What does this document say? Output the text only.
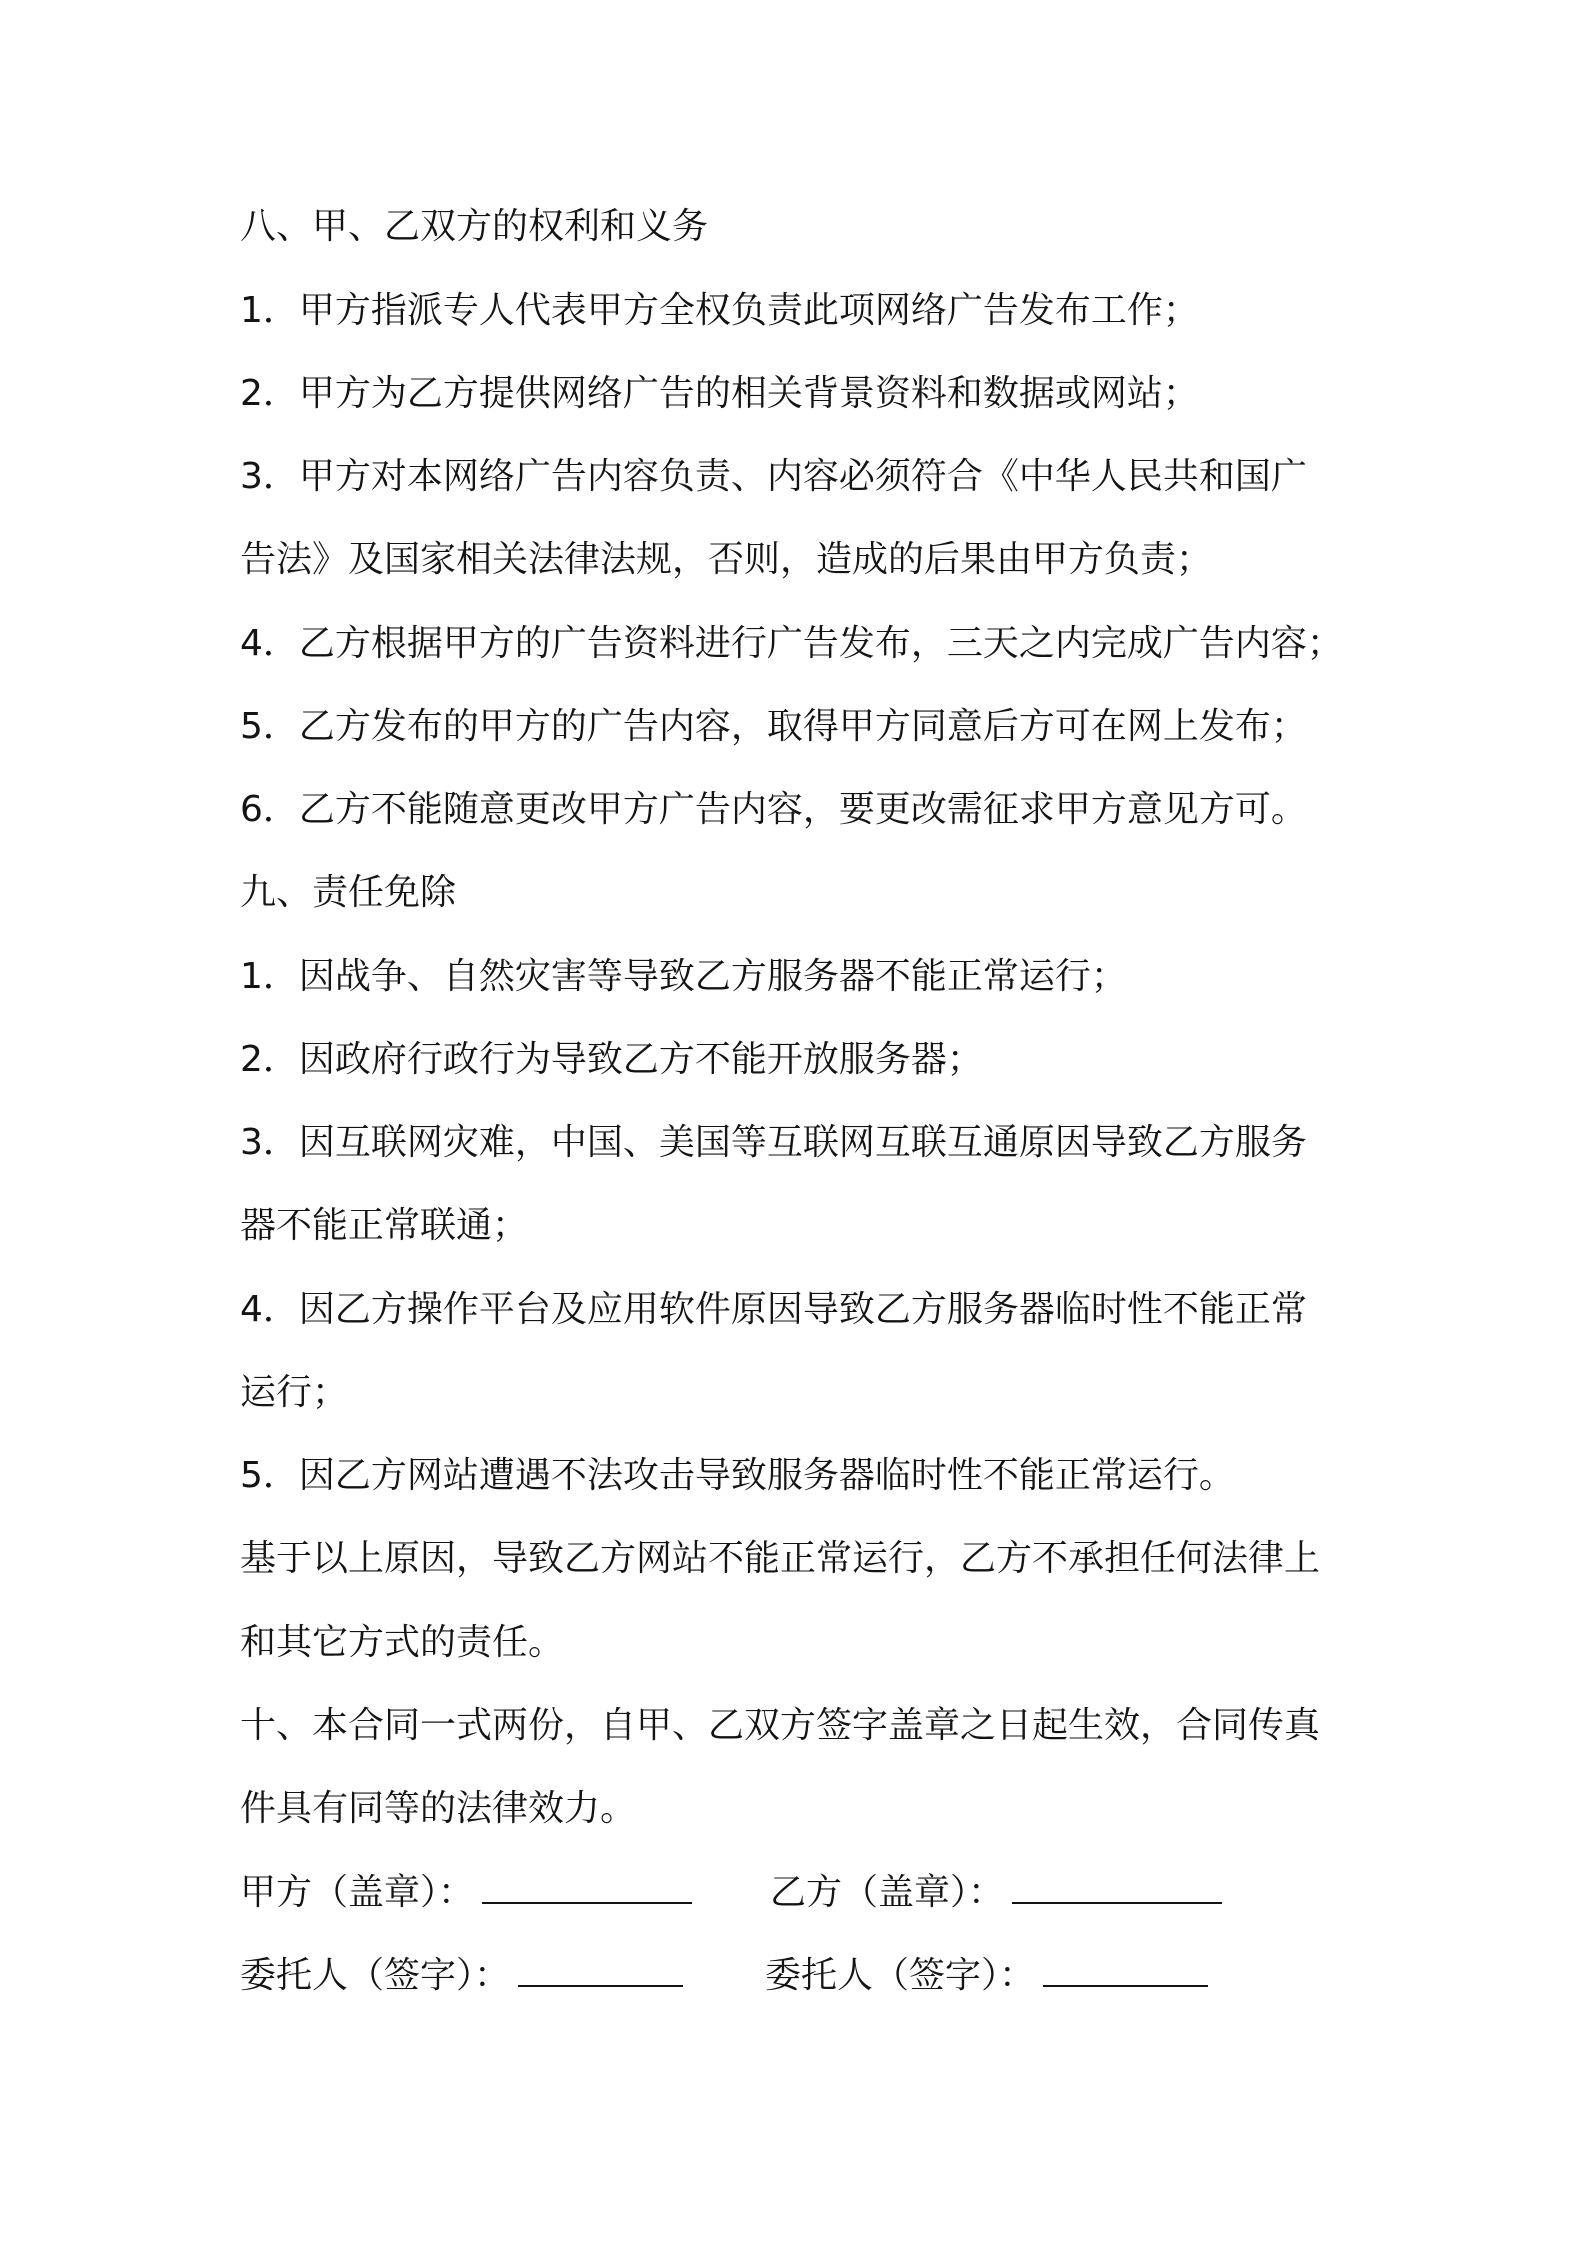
八、甲、乙双方的权利和义务
1．甲方指派专人代表甲方全权负责此项网络广告发布工作；
2．甲方为乙方提供网络广告的相关背景资料和数据或网站；
3．甲方对本网络广告内容负责、内容必须符合《中华人民共和国广
告法》及国家相关法律法规，否则，造成的后果由甲方负责；
4．乙方根据甲方的广告资料进行广告发布，三天之内完成广告内容；
5．乙方发布的甲方的广告内容，取得甲方同意后方可在网上发布；
6．乙方不能随意更改甲方广告内容，要更改需征求甲方意见方可。
九、责任免除
1．因战争、自然灾害等导致乙方服务器不能正常运行；
2．因政府行政行为导致乙方不能开放服务器；
3．因互联网灾难，中国、美国等互联网互联互通原因导致乙方服务
器不能正常联通；
4．因乙方操作平台及应用软件原因导致乙方服务器临时性不能正常
运行；
5．因乙方网站遭遇不法攻击导致服务器临时性不能正常运行。
基于以上原因，导致乙方网站不能正常运行，乙方不承担任何法律上
和其它方式的责任。
十、本合同一式两份，自甲、乙双方签字盖章之日起生效，合同传真
件具有同等的法律效力。
甲方（盖章）：	乙方（盖章）：
委托人（签字）：	委托人（签字）：
